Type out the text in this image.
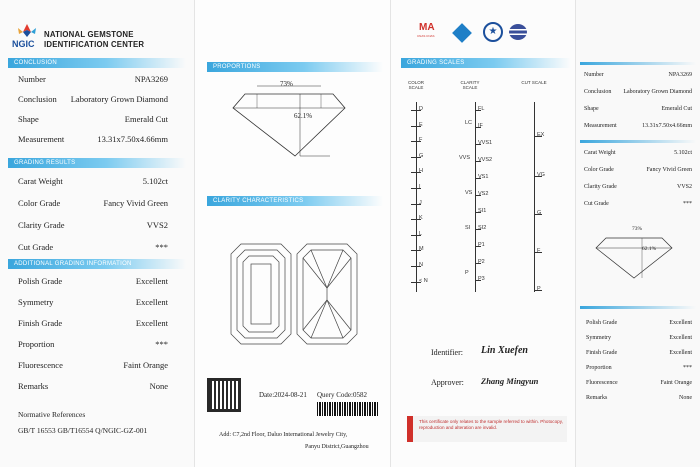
NGIC
NATIONAL GEMSTONE
IDENTIFICATION CENTER
CONCLUSION
Number	NPA3269
Conclusion Laboratory Grown Diamond
Shape	Emerald Cut
Measurement	13.31x7.50x4.66mm
GRADING RESULTS
Carat Weight	5.102ct
Color Grade	Fancy Vivid Green
Clarity Grade	VVS2
Cut Grade	***
ADDITIONAL GRADING INFORMATION
Polish Grade	Excellent
Symmetry	Excellent
Finish Grade	Excellent
Proportion	***
Fluorescence	Faint Orange
Remarks	None
Normative References
GB/T 16553 GB/T16554 Q/NGIC-GZ-001
PROPORTIONS
73%
62.1%
CLARITY CHARACTERISTICS
Date:2024-08-21 Query Code:0582
Add: C7,2nd Floor, Daluo International Jewelry City,
Panyu District,Guangzhou
MA
CNAS CNAS	★
GRADING SCALES
COLOR SCALE
CLARITY SCALE
CUT SCALE
D
E
F
G
H
I
J
K
L
M
N
< N
FL
IF
VVS1
VVS2
VS1
VS2
SI1
SI2
P1
P2
P3
LC
VVS
VS
SI
P
EX
VG
G
F
P
Identifier: Lin Xuefen
Approver: Zhang Mingyun
This certificate only relates to the sample referred to within. Photocopy, reproduction and alteration are invalid.
Number	NPA3269
Conclusion Laboratory Grown Diamond
Shape	Emerald Cut
Measurement	13.31x7.50x4.66mm
Carat Weight	5.102ct
Color Grade	Fancy Vivid Green
Clarity Grade	VVS2
Cut Grade	***
73%
62.1%
Polish Grade	Excellent
Symmetry	Excellent
Finish Grade	Excellent
Proportion	***
Fluorescence	Faint Orange
Remarks	None
